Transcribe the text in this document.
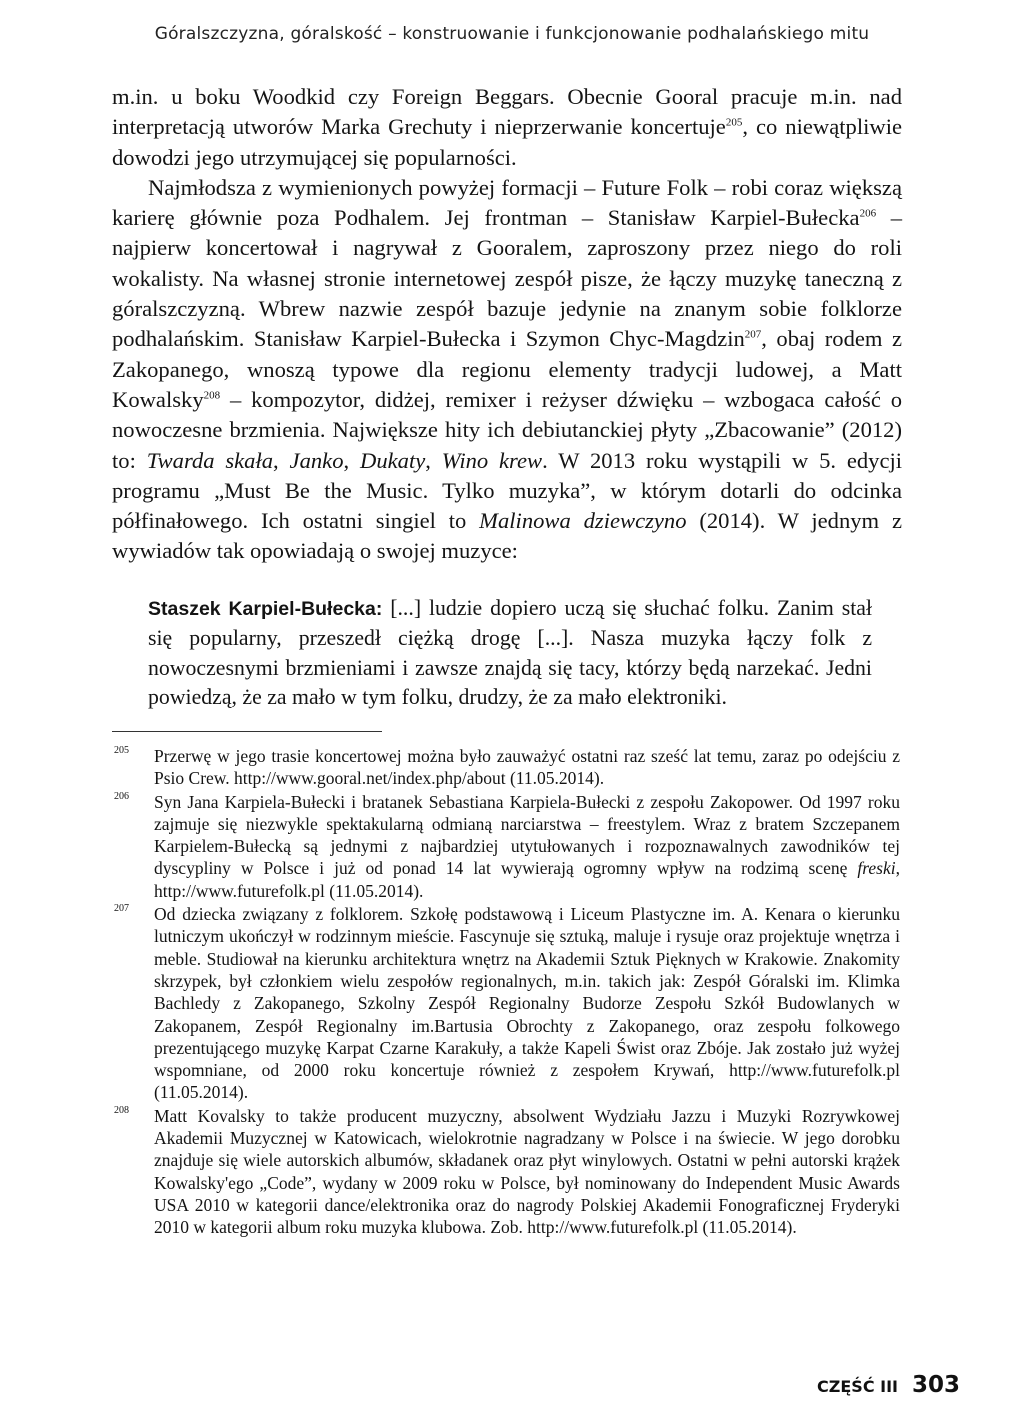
Góralszczyzna, góralskość – konstruowanie i funkcjonowanie podhalańskiego mitu

m.in. u boku Woodkid czy Foreign Beggars. Obecnie Gooral pracuje m.in. nad interpretacją utworów Marka Grechuty i nieprzerwanie koncertuje$^{205}$, co niewątpliwie dowodzi jego utrzymującej się popularności.

Najmłodsza z wymienionych powyżej formacji – Future Folk – robi coraz większą karierę głównie poza Podhalem. Jej frontman – Stanisław Karpiel-Bułecka$^{206}$ – najpierw koncertował i nagrywał z Gooralem, zaproszony przez niego do roli wokalisty. Na własnej stronie internetowej zespół pisze, że łączy muzykę taneczną z góralszczyzną. Wbrew nazwie zespół bazuje jedynie na znanym sobie folklorze podhalańskim. Stanisław Karpiel-Bułecka i Szymon Chyc-Magdzin$^{207}$, obaj rodem z Zakopanego, wnoszą typowe dla regionu elementy tradycji ludowej, a Matt Kowalsky$^{208}$ – kompozytor, didżej, remixer i reżyser dźwięku – wzbogaca całość o nowoczesne brzmienia. Największe hity ich debiutanckiej płyty „Zbacowanie” (2012) to: Twarda skała, Janko, Dukaty, Wino krew. W 2013 roku wystąpili w 5. edycji programu „Must Be the Music. Tylko muzyka”, w którym dotarli do odcinka półfinałowego. Ich ostatni singiel to Malinowa dziewczyno (2014). W jednym z wywiadów tak opowiadają o swojej muzyce:

Staszek Karpiel-Bułecka: [...] ludzie dopiero uczą się słuchać folku. Zanim stał się popularny, przeszedł ciężką drogę [...]. Nasza muzyka łączy folk z nowoczesnymi brzmieniami i zawsze znajdą się tacy, którzy będą narzekać. Jedni powiedzą, że za mało w tym folku, drudzy, że za mało elektroniki.
205 Przerwę w jego trasie koncertowej można było zauważyć ostatni raz sześć lat temu, zaraz po odejściu z Psio Crew. http://www.gooral.net/index.php/about (11.05.2014).
206 Syn Jana Karpiela-Bułecki i bratanek Sebastiana Karpiela-Bułecki z zespołu Zakopower. Od 1997 roku zajmuje się niezwykle spektakularną odmianą narciarstwa – freestylem. Wraz z bratem Szczepanem Karpielem-Bułecką są jednymi z najbardziej utytułowanych i rozpoznawalnych zawodników tej dyscypliny w Polsce i już od ponad 14 lat wywierają ogromny wpływ na rodzimą scenę freski, http://www.futurefolk.pl (11.05.2014).
207 Od dziecka związany z folklorem. Szkołę podstawową i Liceum Plastyczne im. A. Kenara o kierunku lutniczym ukończył w rodzinnym mieście. Fascynuje się sztuką, maluje i rysuje oraz projektuje wnętrza i meble. Studiował na kierunku architektura wnętrz na Akademii Sztuk Pięknych w Krakowie. Znakomity skrzypek, był członkiem wielu zespołów regionalnych, m.in. takich jak: Zespół Góralski im. Klimka Bachledy z Zakopanego, Szkolny Zespół Regionalny Budorze Zespołu Szkół Budowlanych w Zakopanem, Zespół Regionalny im.Bartusia Obrochty z Zakopanego, oraz zespołu folkowego prezentującego muzykę Karpat Czarne Karakuły, a także Kapeli Świst oraz Zbóje. Jak zostało już wyżej wspomniane, od 2000 roku koncertuje również z zespołem Krywań, http://www.futurefolk.pl (11.05.2014).
208 Matt Kovalsky to także producent muzyczny, absolwent Wydziału Jazzu i Muzyki Rozrywkowej Akademii Muzycznej w Katowicach, wielokrotnie nagradzany w Polsce i na świecie. W jego dorobku znajduje się wiele autorskich albumów, składanek oraz płyt winylowych. Ostatni w pełni autorski krążek Kowalsky'ego „Code”, wydany w 2009 roku w Polsce, był nominowany do Independent Music Awards USA 2010 w kategorii dance/elektronika oraz do nagrody Polskiej Akademii Fonograficznej Fryderyki 2010 w kategorii album roku muzyka klubowa. Zob. http://www.futurefolk.pl (11.05.2014).
CZĘŚĆ III 303
